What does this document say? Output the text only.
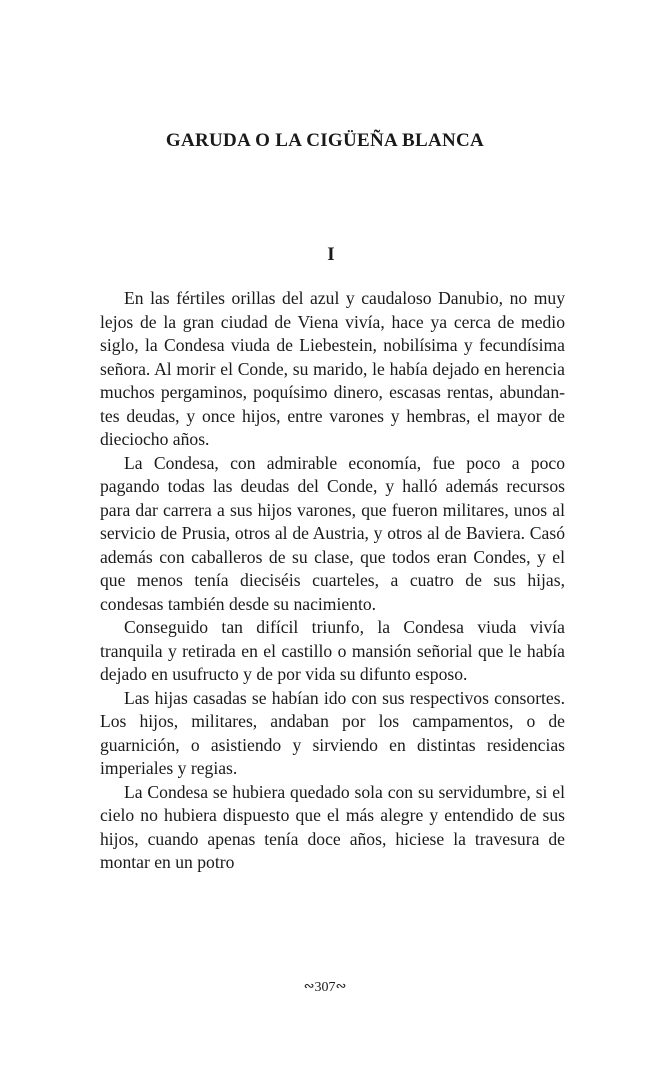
GARUDA O LA CIGÜEÑA BLANCA
I

En las fértiles orillas del azul y caudaloso Danubio, no muy lejos de la gran ciudad de Viena vivía, hace ya cerca de medio siglo, la Condesa viuda de Liebestein, nobilísima y fecundísima señora. Al morir el Conde, su marido, le había dejado en herencia muchos pergaminos, poquísimo dinero, escasas rentas, abundantes deudas, y once hijos, entre varones y hembras, el mayor de dieciocho años.

La Condesa, con admirable economía, fue poco a poco pagando todas las deudas del Conde, y halló además recursos para dar carrera a sus hijos varones, que fueron militares, unos al servicio de Prusia, otros al de Austria, y otros al de Baviera. Casó además con caballeros de su clase, que todos eran Condes, y el que menos tenía dieciséis cuarteles, a cuatro de sus hijas, condesas también desde su nacimiento.

Conseguido tan difícil triunfo, la Condesa viuda vivía tranquila y retirada en el castillo o mansión señorial que le había dejado en usufructo y de por vida su difunto esposo.

Las hijas casadas se habían ido con sus respectivos consortes. Los hijos, militares, andaban por los campamentos, o de guarnición, o asistiendo y sirviendo en distintas residencias imperiales y regias.

La Condesa se hubiera quedado sola con su servidumbre, si el cielo no hubiera dispuesto que el más alegre y entendido de sus hijos, cuando apenas tenía doce años, hiciese la travesura de montar en un potro

∾307∾
